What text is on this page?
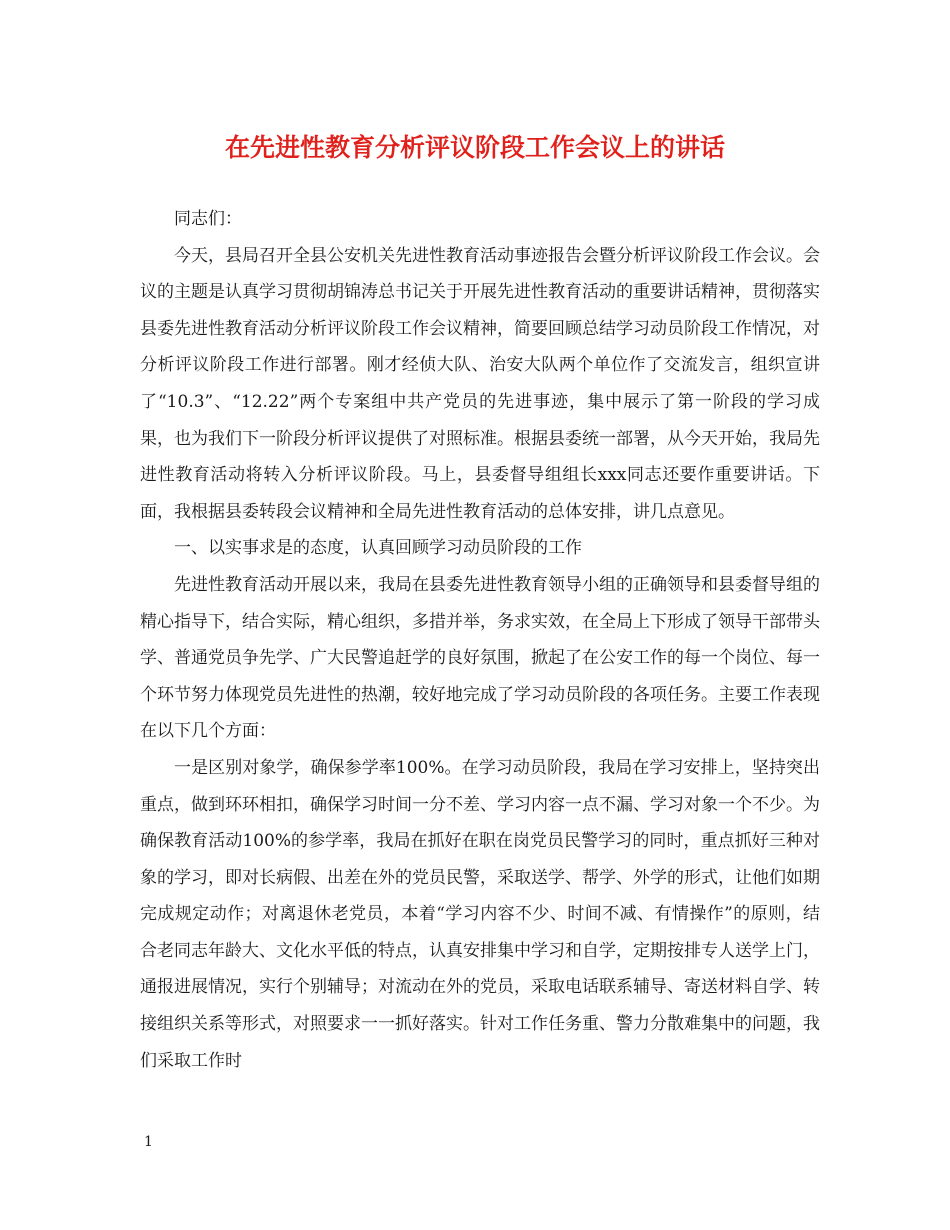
在先进性教育分析评议阶段工作会议上的讲话

同志们：

今天，县局召开全县公安机关先进性教育活动事迹报告会暨分析评议阶段工作会议。会议的主题是认真学习贯彻胡锦涛总书记关于开展先进性教育活动的重要讲话精神，贯彻落实县委先进性教育活动分析评议阶段工作会议精神，简要回顾总结学习动员阶段工作情况，对分析评议阶段工作进行部署。刚才经侦大队、治安大队两个单位作了交流发言，组织宣讲了“10.3”、“12.22”两个专案组中共产党员的先进事迹，集中展示了第一阶段的学习成果，也为我们下一阶段分析评议提供了对照标准。根据县委统一部署，从今天开始，我局先进性教育活动将转入分析评议阶段。马上，县委督导组组长xxx同志还要作重要讲话。下面，我根据县委转段会议精神和全局先进性教育活动的总体安排，讲几点意见。

一、以实事求是的态度，认真回顾学习动员阶段的工作

先进性教育活动开展以来，我局在县委先进性教育领导小组的正确领导和县委督导组的精心指导下，结合实际，精心组织，多措并举，务求实效，在全局上下形成了领导干部带头学、普通党员争先学、广大民警追赶学的良好氛围，掀起了在公安工作的每一个岗位、每一个环节努力体现党员先进性的热潮，较好地完成了学习动员阶段的各项任务。主要工作表现在以下几个方面：

一是区别对象学，确保参学率100%。在学习动员阶段，我局在学习安排上，坚持突出重点，做到环环相扣，确保学习时间一分不差、学习内容一点不漏、学习对象一个不少。为确保教育活动100%的参学率，我局在抓好在职在岗党员民警学习的同时，重点抓好三种对象的学习，即对长病假、出差在外的党员民警，采取送学、帮学、外学的形式，让他们如期完成规定动作；对离退休老党员，本着“学习内容不少、时间不减、有情操作”的原则，结合老同志年龄大、文化水平低的特点，认真安排集中学习和自学，定期按排专人送学上门，通报进展情况，实行个别辅导；对流动在外的党员，采取电话联系辅导、寄送材料自学、转接组织关系等形式，对照要求一一抓好落实。针对工作任务重、警力分散难集中的问题，我们采取工作时

1
